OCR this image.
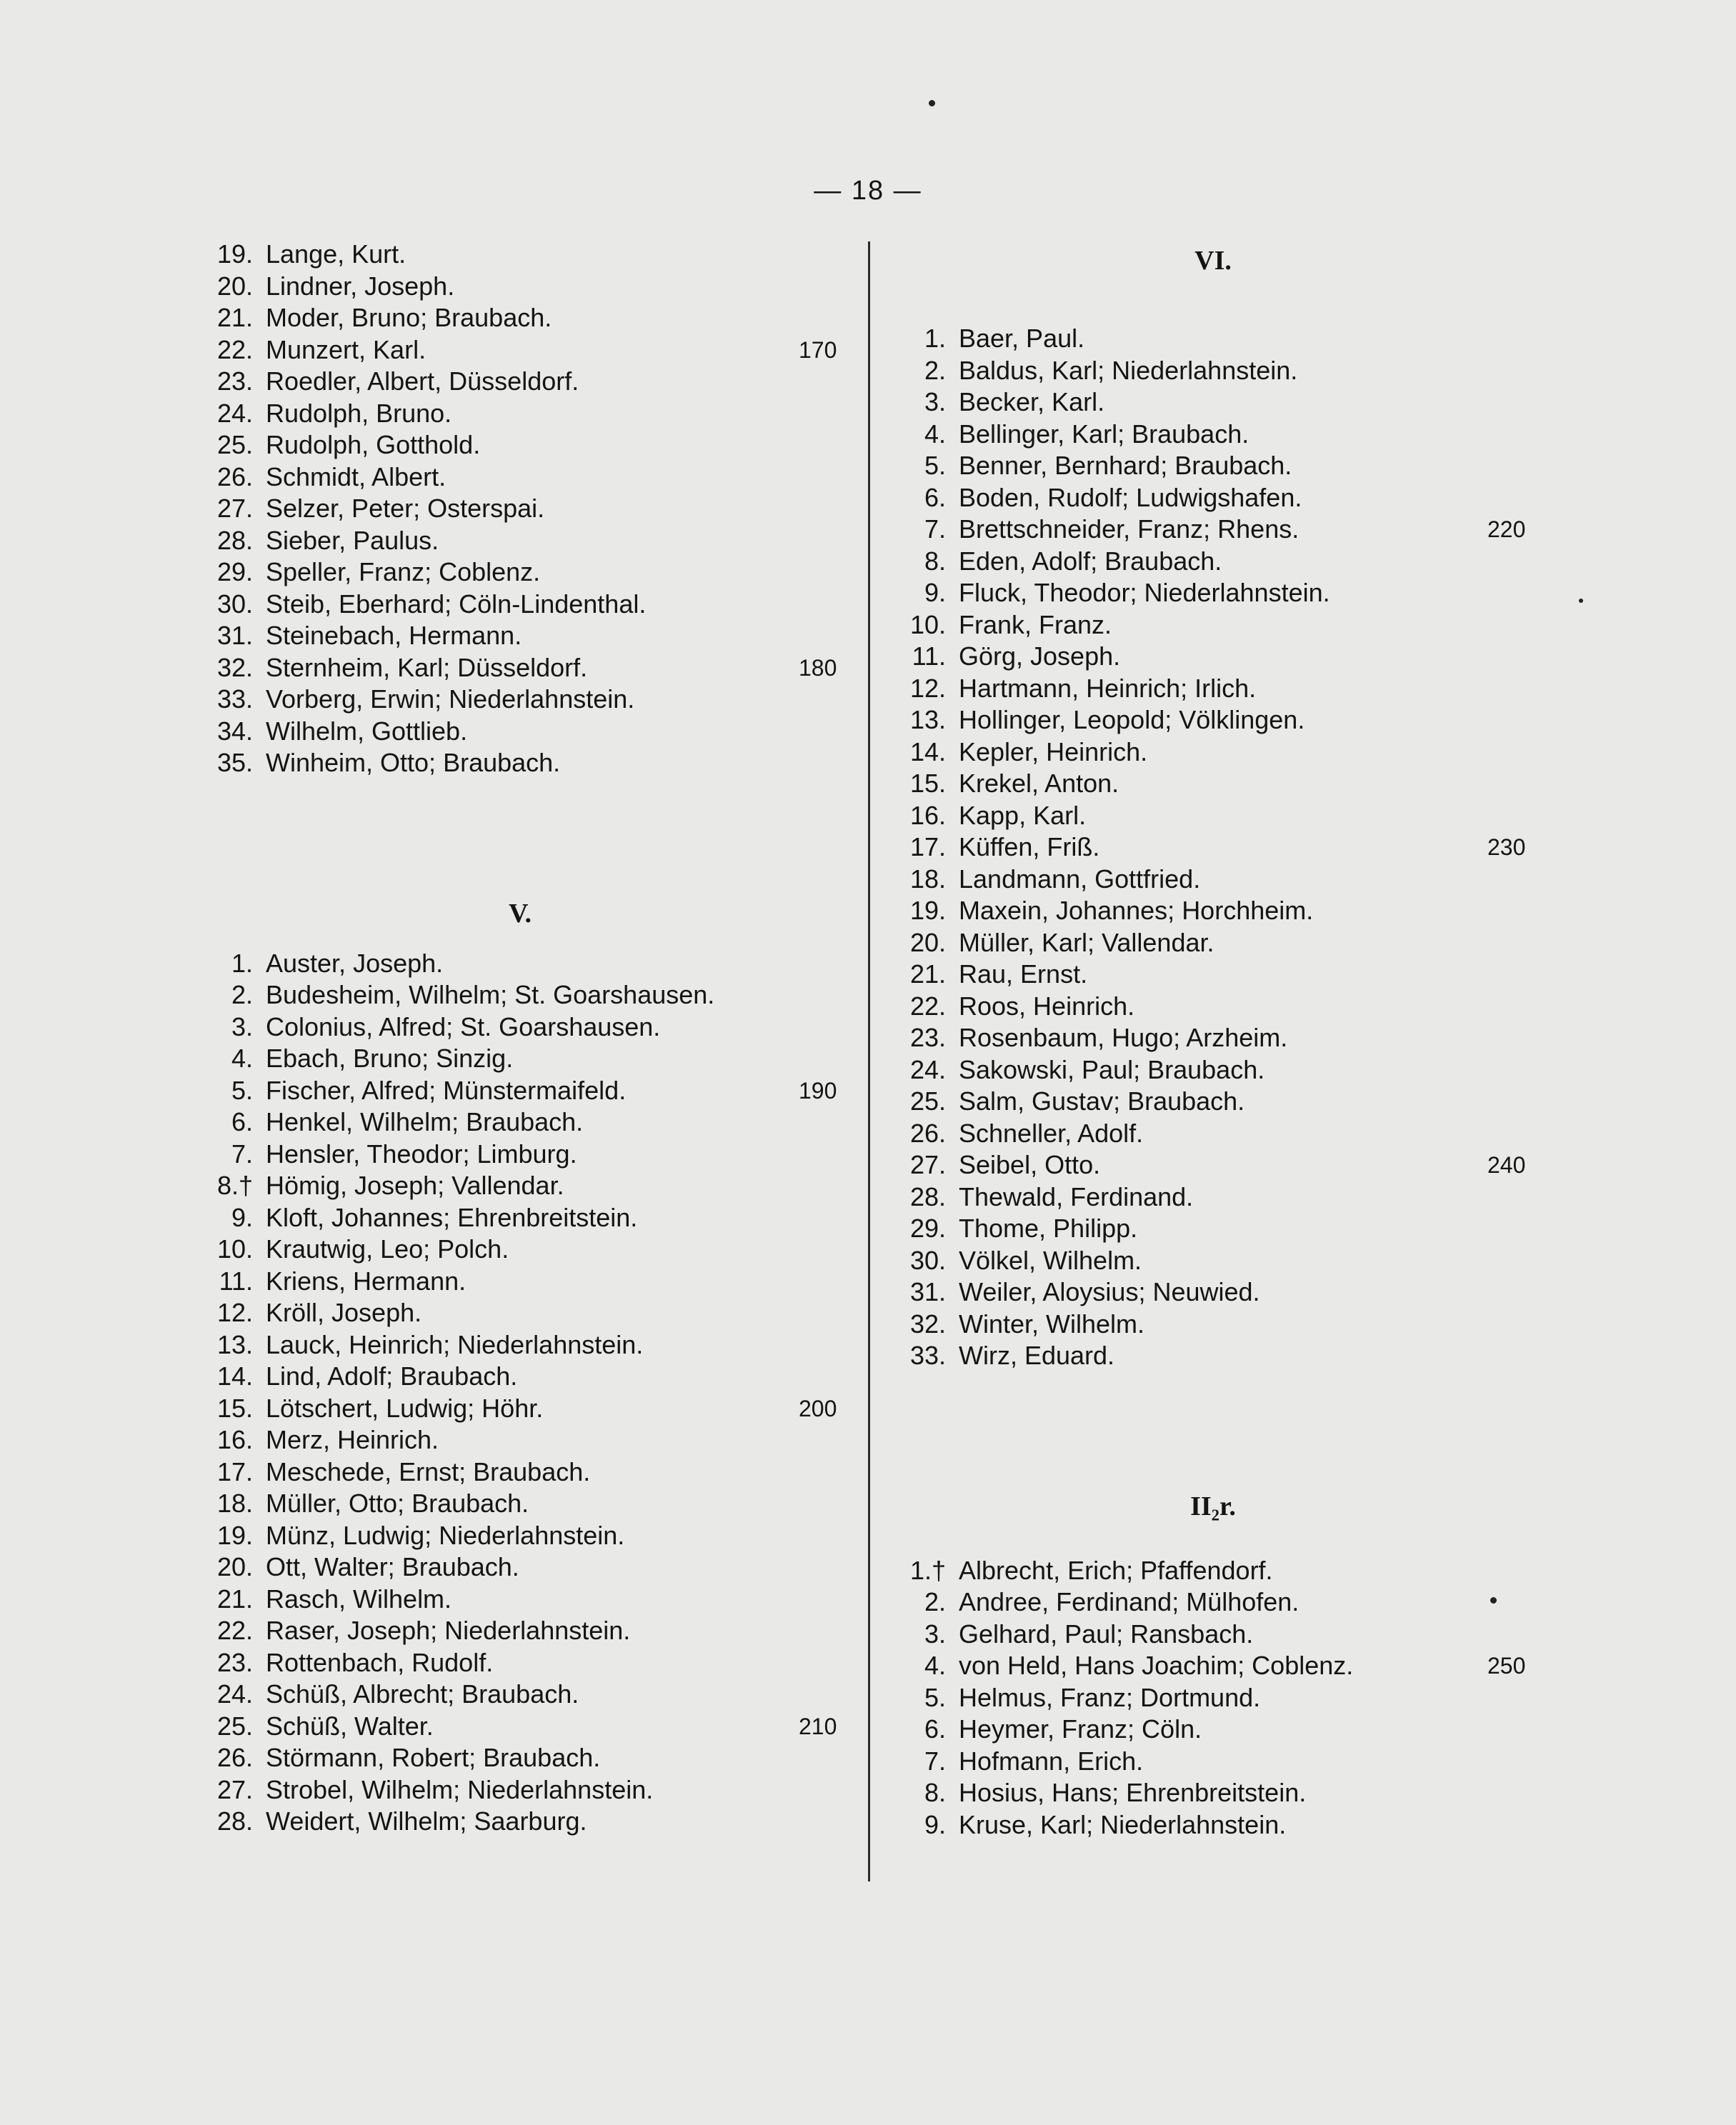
— 18 —
19. Lange, Kurt.
20. Lindner, Joseph.
21. Moder, Bruno; Braubach.
22. Munzert, Karl.	170
23. Roedler, Albert, Düsseldorf.
24. Rudolph, Bruno.
25. Rudolph, Gotthold.
26. Schmidt, Albert.
27. Selzer, Peter; Osterspai.
28. Sieber, Paulus.
29. Speller, Franz; Coblenz.
30. Steib, Eberhard; Cöln-Lindenthal.
31. Steinebach, Hermann.
32. Sternheim, Karl; Düsseldorf.	180
33. Vorberg, Erwin; Niederlahnstein.
34. Wilhelm, Gottlieb.
35. Winheim, Otto; Braubach.
V.
1. Auster, Joseph.
2. Budesheim, Wilhelm; St. Goarshausen.
3. Colonius, Alfred; St. Goarshausen.
4. Ebach, Bruno; Sinzig.
5. Fischer, Alfred; Münstermaifeld.	190
6. Henkel, Wilhelm; Braubach.
7. Hensler, Theodor; Limburg.
8.† Hömig, Joseph; Vallendar.
9. Kloft, Johannes; Ehrenbreitstein.
10. Krautwig, Leo; Polch.
11. Kriens, Hermann.
12. Kröll, Joseph.
13. Lauck, Heinrich; Niederlahnstein.
14. Lind, Adolf; Braubach.
15. Lötschert, Ludwig; Höhr.	200
16. Merz, Heinrich.
17. Meschede, Ernst; Braubach.
18. Müller, Otto; Braubach.
19. Münz, Ludwig; Niederlahnstein.
20. Ott, Walter; Braubach.
21. Rasch, Wilhelm.
22. Raser, Joseph; Niederlahnstein.
23. Rottenbach, Rudolf.
24. Schüß, Albrecht; Braubach.
25. Schüß, Walter.	210
26. Störmann, Robert; Braubach.
27. Strobel, Wilhelm; Niederlahnstein.
28. Weidert, Wilhelm; Saarburg.
VI.
1. Baer, Paul.
2. Baldus, Karl; Niederlahnstein.
3. Becker, Karl.
4. Bellinger, Karl; Braubach.
5. Benner, Bernhard; Braubach.
6. Boden, Rudolf; Ludwigshafen.
7. Brettschneider, Franz; Rhens.	220
8. Eden, Adolf; Braubach.
9. Fluck, Theodor; Niederlahnstein.
10. Frank, Franz.
11. Görg, Joseph.
12. Hartmann, Heinrich; Irlich.
13. Hollinger, Leopold; Völklingen.
14. Kepler, Heinrich.
15. Krekel, Anton.
16. Kapp, Karl.
17. Küffen, Friß.	230
18. Landmann, Gottfried.
19. Maxein, Johannes; Horchheim.
20. Müller, Karl; Vallendar.
21. Rau, Ernst.
22. Roos, Heinrich.
23. Rosenbaum, Hugo; Arzheim.
24. Sakowski, Paul; Braubach.
25. Salm, Gustav; Braubach.
26. Schneller, Adolf.
27. Seibel, Otto.	240
28. Thewald, Ferdinand.
29. Thome, Philipp.
30. Völkel, Wilhelm.
31. Weiler, Aloysius; Neuwied.
32. Winter, Wilhelm.
33. Wirz, Eduard.
II₂r.
1.† Albrecht, Erich; Pfaffendorf.
2. Andree, Ferdinand; Mülhofen.
3. Gelhard, Paul; Ransbach.
4. von Held, Hans Joachim; Coblenz.	250
5. Helmus, Franz; Dortmund.
6. Heymer, Franz; Cöln.
7. Hofmann, Erich.
8. Hosius, Hans; Ehrenbreitstein.
9. Kruse, Karl; Niederlahnstein.
